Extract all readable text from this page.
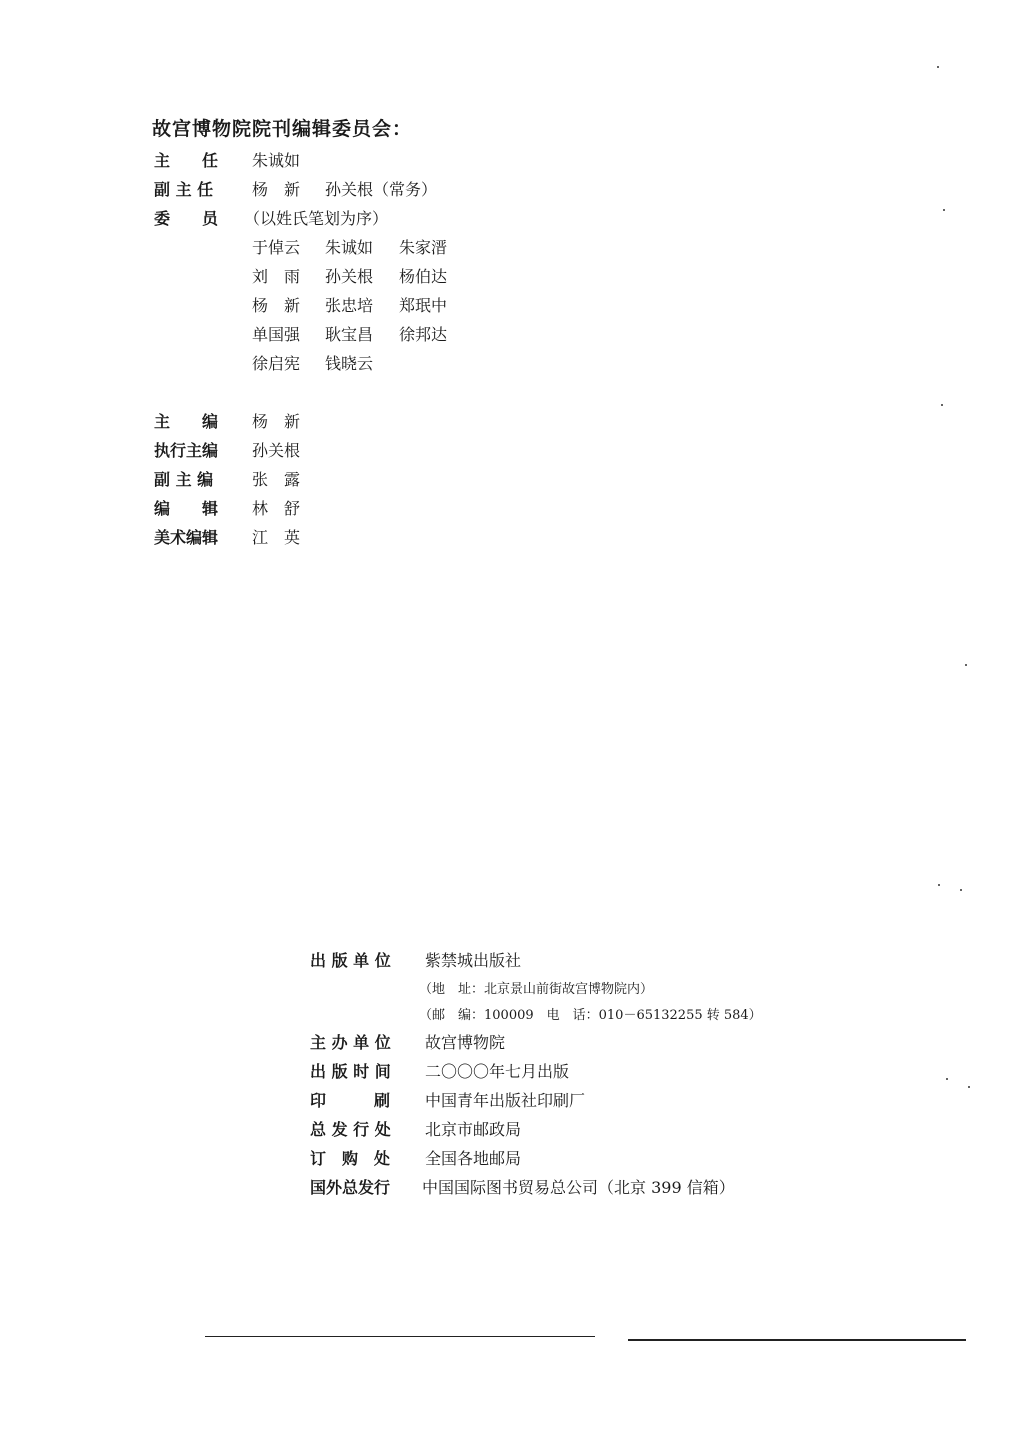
故宫博物院院刊编辑委员会：
主　　任 朱诚如
副 主 任 杨　新 孙关根（常务）
委　　员 （以姓氏笔划为序）
于倬云 朱诚如 朱家溍
刘　雨 孙关根 杨伯达
杨　新 张忠培 郑珉中
单国强 耿宝昌 徐邦达
徐启宪 钱晓云
主　　编 杨　新
执行主编 孙关根
副 主 编 张　露
编　　辑 林　舒
美术编辑 江　英
出 版 单 位 紫禁城出版社
（地　址：北京景山前街故宫博物院内）
（邮　编：100009　电　话：010－65132255 转 584）
主 办 单 位 故宫博物院
出 版 时 间 二〇〇〇年七月出版
印　　　刷 中国青年出版社印刷厂
总 发 行 处 北京市邮政局
订　购　处 全国各地邮局
国外总发行 中国国际图书贸易总公司（北京 399 信箱）
